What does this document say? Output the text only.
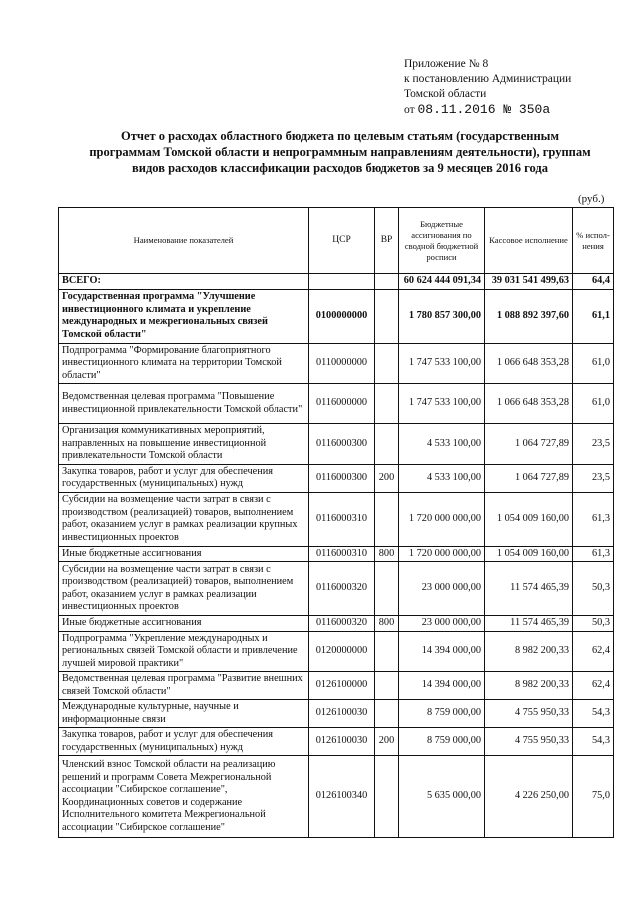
Приложение № 8
к постановлению Администрации
Томской области
от 08.11.2016 № 350а
Отчет о расходах областного бюджета по целевым статьям (государственным
программам Томской области и непрограммным направлениям деятельности), группам
видов расходов классификации расходов бюджетов за 9 месяцев 2016 года
(руб.)
Наименование показателей	ЦСР	ВР	Бюджетные ассигнования по сводной бюджетной росписи	Кассовое исполнение	% испол-нения
ВСЕГО:			60 624 444 091,34	39 031 541 499,63	64,4
Государственная программа "Улучшение инвестиционного климата и укрепление международных и межрегиональных связей Томской области"	0100000000		1 780 857 300,00	1 088 892 397,60	61,1
Подпрограмма "Формирование благоприятного инвестиционного климата на территории Томской области"	0110000000		1 747 533 100,00	1 066 648 353,28	61,0
Ведомственная целевая программа "Повышение инвестиционной привлекательности Томской области"	0116000000		1 747 533 100,00	1 066 648 353,28	61,0
Организация коммуникативных мероприятий, направленных на повышение инвестиционной привлекательности Томской области	0116000300		4 533 100,00	1 064 727,89	23,5
Закупка товаров, работ и услуг для обеспечения государственных (муниципальных) нужд	0116000300	200	4 533 100,00	1 064 727,89	23,5
Субсидии на возмещение части затрат в связи с производством (реализацией) товаров, выполнением работ, оказанием услуг в рамках реализации крупных инвестиционных проектов	0116000310		1 720 000 000,00	1 054 009 160,00	61,3
Иные бюджетные ассигнования	0116000310	800	1 720 000 000,00	1 054 009 160,00	61,3
Субсидии на возмещение части затрат в связи с производством (реализацией) товаров, выполнением работ, оказанием услуг в рамках реализации инвестиционных проектов	0116000320		23 000 000,00	11 574 465,39	50,3
Иные бюджетные ассигнования	0116000320	800	23 000 000,00	11 574 465,39	50,3
Подпрограмма "Укрепление международных и региональных связей Томской области и привлечение лучшей мировой практики"	0120000000		14 394 000,00	8 982 200,33	62,4
Ведомственная целевая программа "Развитие внешних связей Томской области"	0126100000		14 394 000,00	8 982 200,33	62,4
Международные культурные, научные и информационные связи	0126100030		8 759 000,00	4 755 950,33	54,3
Закупка товаров, работ и услуг для обеспечения государственных (муниципальных) нужд	0126100030	200	8 759 000,00	4 755 950,33	54,3
Членский взнос Томской области на реализацию решений и программ Совета Межрегиональной ассоциации "Сибирское соглашение", Координационных советов и содержание Исполнительного комитета Межрегиональной ассоциации "Сибирское соглашение"	0126100340		5 635 000,00	4 226 250,00	75,0
